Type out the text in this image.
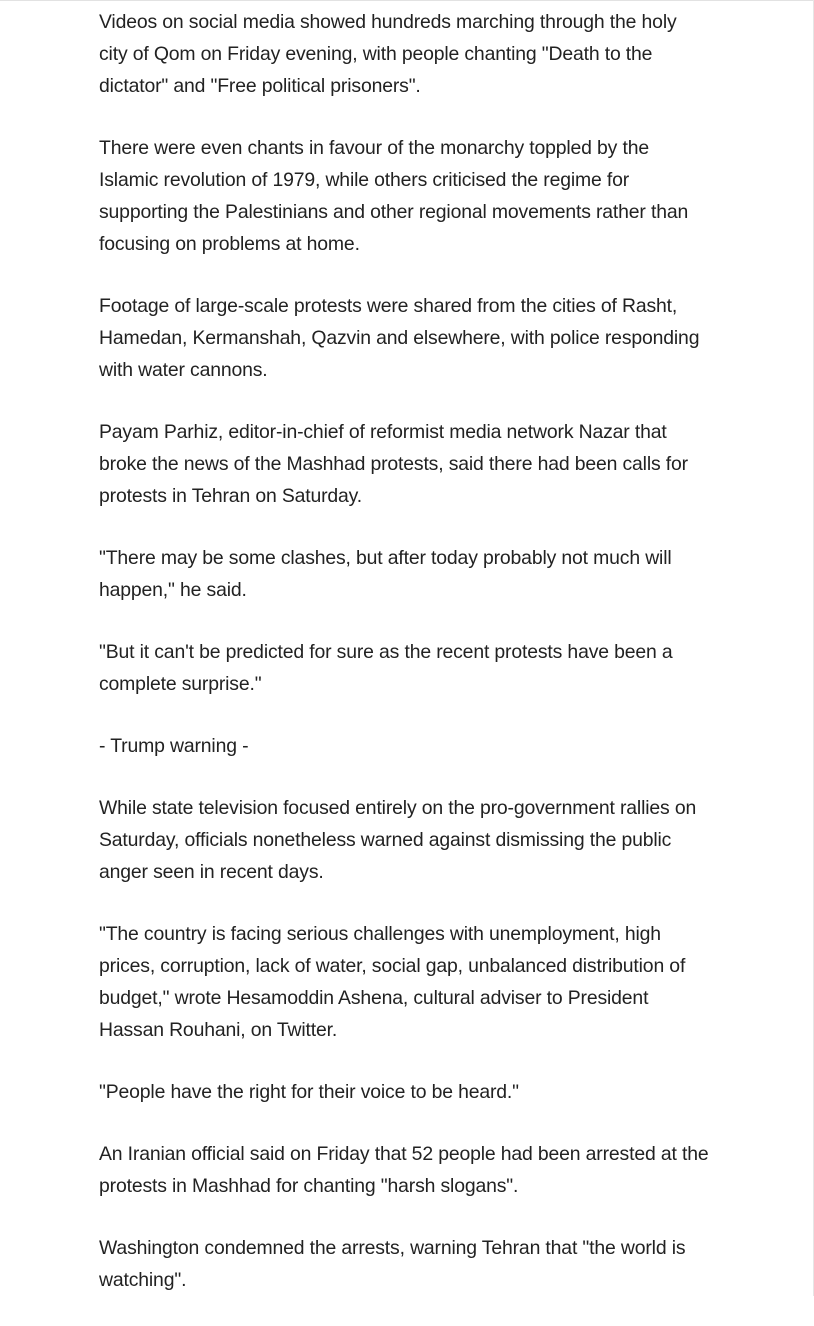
Videos on social media showed hundreds marching through the holy city of Qom on Friday evening, with people chanting "Death to the dictator" and "Free political prisoners".

There were even chants in favour of the monarchy toppled by the Islamic revolution of 1979, while others criticised the regime for supporting the Palestinians and other regional movements rather than focusing on problems at home.

Footage of large-scale protests were shared from the cities of Rasht, Hamedan, Kermanshah, Qazvin and elsewhere, with police responding with water cannons.

Payam Parhiz, editor-in-chief of reformist media network Nazar that broke the news of the Mashhad protests, said there had been calls for protests in Tehran on Saturday.

"There may be some clashes, but after today probably not much will happen," he said.

"But it can't be predicted for sure as the recent protests have been a complete surprise."

- Trump warning -

While state television focused entirely on the pro-government rallies on Saturday, officials nonetheless warned against dismissing the public anger seen in recent days.

"The country is facing serious challenges with unemployment, high prices, corruption, lack of water, social gap, unbalanced distribution of budget," wrote Hesamoddin Ashena, cultural adviser to President Hassan Rouhani, on Twitter.

"People have the right for their voice to be heard."

An Iranian official said on Friday that 52 people had been arrested at the protests in Mashhad for chanting "harsh slogans".

Washington condemned the arrests, warning Tehran that "the world is watching".
